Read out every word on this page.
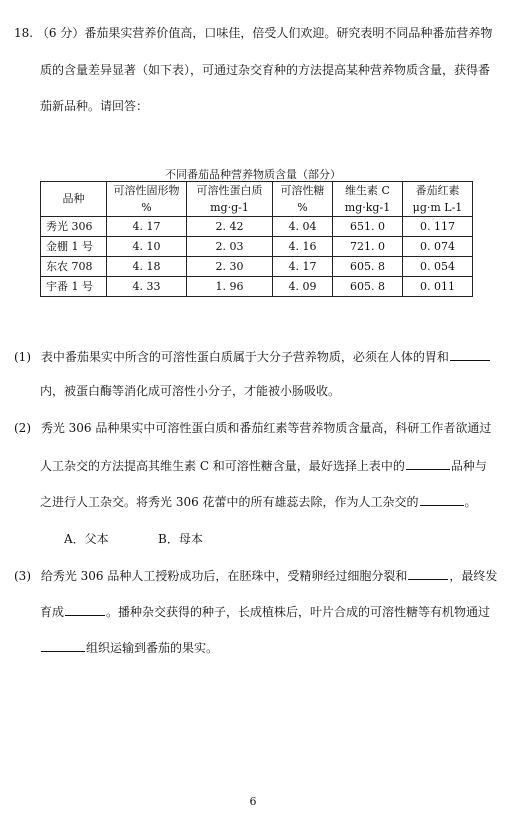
18. （6 分）番茄果实营养价值高，口味佳，倍受人们欢迎。研究表明不同品种番茄营养物
质的含量差异显著（如下表），可通过杂交育种的方法提高某种营养物质含量，获得番
茄新品种。请回答：
不同番茄品种营养物质含量（部分）
品种	可溶性固形物	可溶性蛋白质	可溶性糖	维生素 C	番茄红素
	%	mg·g-1	%	mg·kg-1	μg·m L-1
秀光 306	4. 17	2. 42	4. 04	651. 0	0. 117
金棚 1 号	4. 10	2. 03	4. 16	721. 0	0. 074
东农 708	4. 18	2. 30	4. 17	605. 8	0. 054
宇番 1 号	4. 33	1. 96	4. 09	605. 8	0. 011
(1) 表中番茄果实中所含的可溶性蛋白质属于大分子营养物质，必须在人体的胃和
内，被蛋白酶等消化成可溶性小分子，才能被小肠吸收。
(2) 秀光 306 品种果实中可溶性蛋白质和番茄红素等营养物质含量高，科研工作者欲通过
人工杂交的方法提高其维生素 C 和可溶性糖含量，最好选择上表中的	品种与
之进行人工杂交。将秀光 306 花蕾中的所有雄蕊去除，作为人工杂交的	。
A．父本	B．母本
(3) 给秀光 306 品种人工授粉成功后，在胚珠中，受精卵经过细胞分裂和	，最终发
育成	。播种杂交获得的种子，长成植株后，叶片合成的可溶性糖等有机物通过
组织运输到番茄的果实。
6
